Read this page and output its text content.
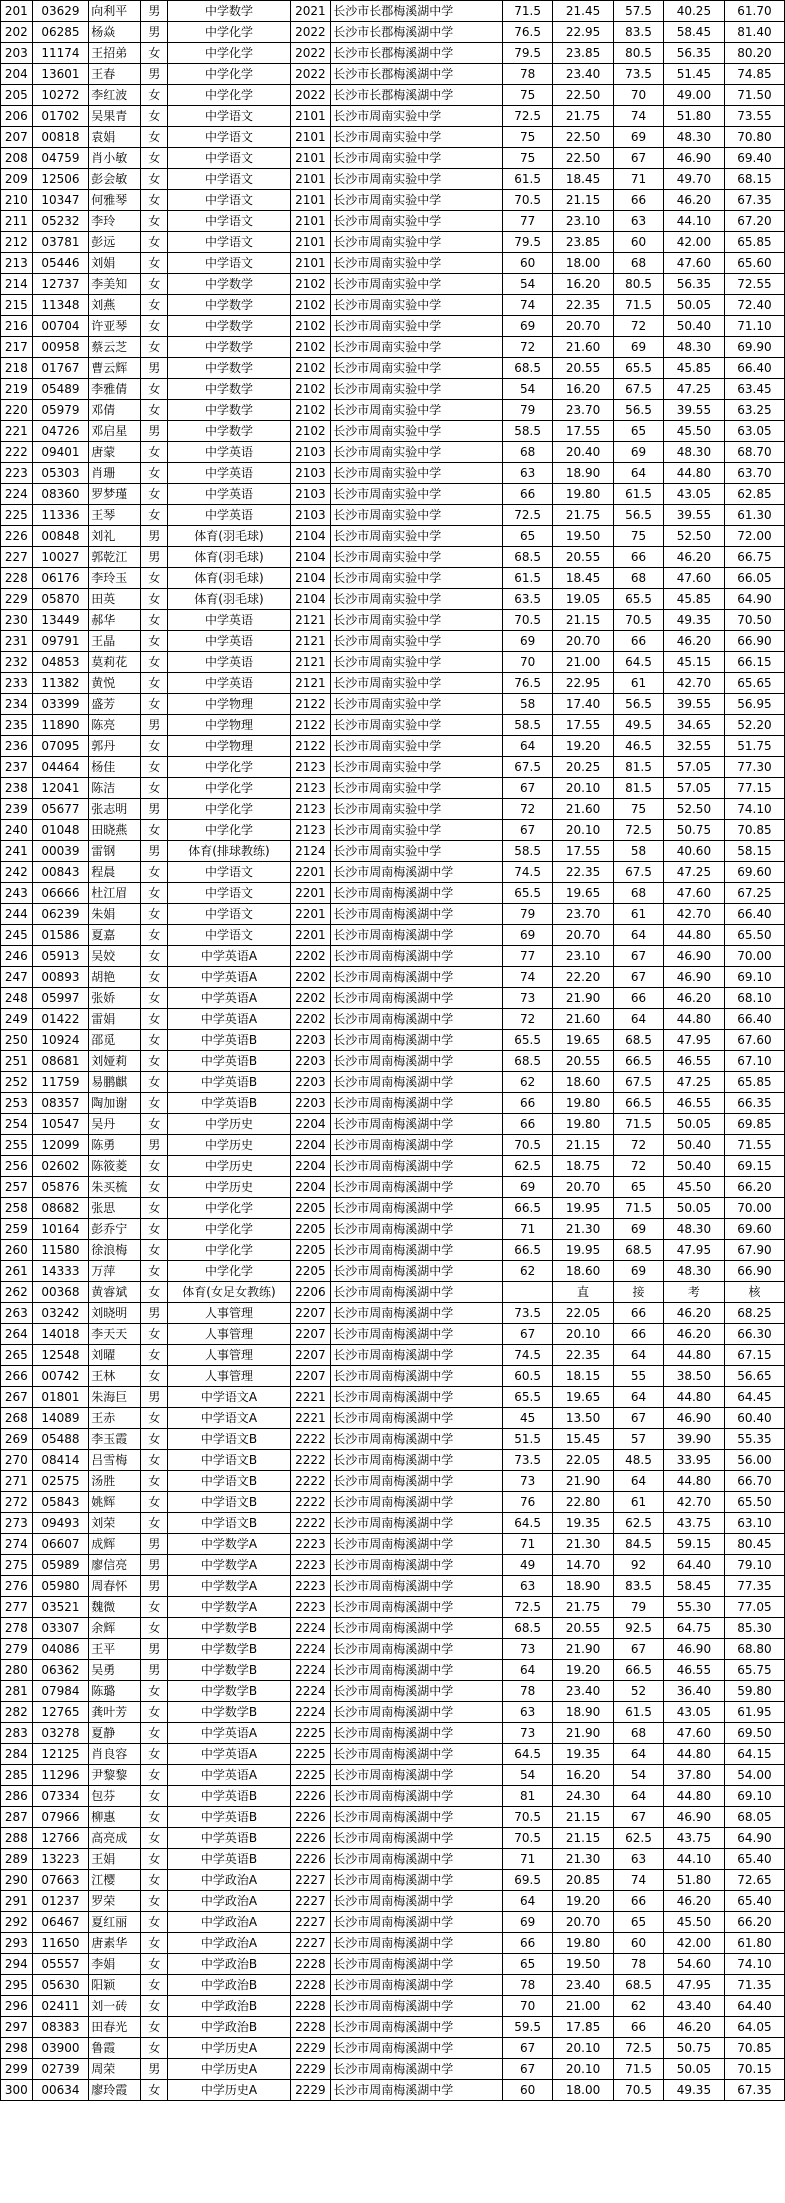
201	03629	向利平	男	中学数学	2021	长沙市长郡梅溪湖中学	71.5	21.45	57.5	40.25	61.70
202	06285	杨焱	男	中学化学	2022	长沙市长郡梅溪湖中学	76.5	22.95	83.5	58.45	81.40
203	11174	王招弟	女	中学化学	2022	长沙市长郡梅溪湖中学	79.5	23.85	80.5	56.35	80.20
204	13601	王春	男	中学化学	2022	长沙市长郡梅溪湖中学	78	23.40	73.5	51.45	74.85
205	10272	李红波	女	中学化学	2022	长沙市长郡梅溪湖中学	75	22.50	70	49.00	71.50
206	01702	吴果青	女	中学语文	2101	长沙市周南实验中学	72.5	21.75	74	51.80	73.55
207	00818	袁娟	女	中学语文	2101	长沙市周南实验中学	75	22.50	69	48.30	70.80
208	04759	肖小敏	女	中学语文	2101	长沙市周南实验中学	75	22.50	67	46.90	69.40
209	12506	彭会敏	女	中学语文	2101	长沙市周南实验中学	61.5	18.45	71	49.70	68.15
210	10347	何雅琴	女	中学语文	2101	长沙市周南实验中学	70.5	21.15	66	46.20	67.35
211	05232	李玲	女	中学语文	2101	长沙市周南实验中学	77	23.10	63	44.10	67.20
212	03781	彭远	女	中学语文	2101	长沙市周南实验中学	79.5	23.85	60	42.00	65.85
213	05446	刘娟	女	中学语文	2101	长沙市周南实验中学	60	18.00	68	47.60	65.60
214	12737	李美知	女	中学数学	2102	长沙市周南实验中学	54	16.20	80.5	56.35	72.55
215	11348	刘燕	女	中学数学	2102	长沙市周南实验中学	74	22.35	71.5	50.05	72.40
216	00704	许亚琴	女	中学数学	2102	长沙市周南实验中学	69	20.70	72	50.40	71.10
217	00958	蔡云芝	女	中学数学	2102	长沙市周南实验中学	72	21.60	69	48.30	69.90
218	01767	曹云辉	男	中学数学	2102	长沙市周南实验中学	68.5	20.55	65.5	45.85	66.40
219	05489	李雅倩	女	中学数学	2102	长沙市周南实验中学	54	16.20	67.5	47.25	63.45
220	05979	邓倩	女	中学数学	2102	长沙市周南实验中学	79	23.70	56.5	39.55	63.25
221	04726	邓启星	男	中学数学	2102	长沙市周南实验中学	58.5	17.55	65	45.50	63.05
222	09401	唐蒙	女	中学英语	2103	长沙市周南实验中学	68	20.40	69	48.30	68.70
223	05303	肖珊	女	中学英语	2103	长沙市周南实验中学	63	18.90	64	44.80	63.70
224	08360	罗梦瑾	女	中学英语	2103	长沙市周南实验中学	66	19.80	61.5	43.05	62.85
225	11336	王琴	女	中学英语	2103	长沙市周南实验中学	72.5	21.75	56.5	39.55	61.30
226	00848	刘礼	男	体育(羽毛球)	2104	长沙市周南实验中学	65	19.50	75	52.50	72.00
227	10027	郭乾江	男	体育(羽毛球)	2104	长沙市周南实验中学	68.5	20.55	66	46.20	66.75
228	06176	李玲玉	女	体育(羽毛球)	2104	长沙市周南实验中学	61.5	18.45	68	47.60	66.05
229	05870	田英	女	体育(羽毛球)	2104	长沙市周南实验中学	63.5	19.05	65.5	45.85	64.90
230	13449	郝华	女	中学英语	2121	长沙市周南实验中学	70.5	21.15	70.5	49.35	70.50
231	09791	王晶	女	中学英语	2121	长沙市周南实验中学	69	20.70	66	46.20	66.90
232	04853	莫莉花	女	中学英语	2121	长沙市周南实验中学	70	21.00	64.5	45.15	66.15
233	11382	黄悦	女	中学英语	2121	长沙市周南实验中学	76.5	22.95	61	42.70	65.65
234	03399	盛芳	女	中学物理	2122	长沙市周南实验中学	58	17.40	56.5	39.55	56.95
235	11890	陈亮	男	中学物理	2122	长沙市周南实验中学	58.5	17.55	49.5	34.65	52.20
236	07095	郭丹	女	中学物理	2122	长沙市周南实验中学	64	19.20	46.5	32.55	51.75
237	04464	杨佳	女	中学化学	2123	长沙市周南实验中学	67.5	20.25	81.5	57.05	77.30
238	12041	陈洁	女	中学化学	2123	长沙市周南实验中学	67	20.10	81.5	57.05	77.15
239	05677	张志明	男	中学化学	2123	长沙市周南实验中学	72	21.60	75	52.50	74.10
240	01048	田晓燕	女	中学化学	2123	长沙市周南实验中学	67	20.10	72.5	50.75	70.85
241	00039	雷钢	男	体育(排球教练)	2124	长沙市周南实验中学	58.5	17.55	58	40.60	58.15
242	00843	程晨	女	中学语文	2201	长沙市周南梅溪湖中学	74.5	22.35	67.5	47.25	69.60
243	06666	杜江眉	女	中学语文	2201	长沙市周南梅溪湖中学	65.5	19.65	68	47.60	67.25
244	06239	朱娟	女	中学语文	2201	长沙市周南梅溪湖中学	79	23.70	61	42.70	66.40
245	01586	夏嘉	女	中学语文	2201	长沙市周南梅溪湖中学	69	20.70	64	44.80	65.50
246	05913	吴姣	女	中学英语A	2202	长沙市周南梅溪湖中学	77	23.10	67	46.90	70.00
247	00893	胡艳	女	中学英语A	2202	长沙市周南梅溪湖中学	74	22.20	67	46.90	69.10
248	05997	张娇	女	中学英语A	2202	长沙市周南梅溪湖中学	73	21.90	66	46.20	68.10
249	01422	雷娟	女	中学英语A	2202	长沙市周南梅溪湖中学	72	21.60	64	44.80	66.40
250	10924	邵觅	女	中学英语B	2203	长沙市周南梅溪湖中学	65.5	19.65	68.5	47.95	67.60
251	08681	刘娅莉	女	中学英语B	2203	长沙市周南梅溪湖中学	68.5	20.55	66.5	46.55	67.10
252	11759	易鹏麒	女	中学英语B	2203	长沙市周南梅溪湖中学	62	18.60	67.5	47.25	65.85
253	08357	陶加谢	女	中学英语B	2203	长沙市周南梅溪湖中学	66	19.80	66.5	46.55	66.35
254	10547	吴丹	女	中学历史	2204	长沙市周南梅溪湖中学	66	19.80	71.5	50.05	69.85
255	12099	陈勇	男	中学历史	2204	长沙市周南梅溪湖中学	70.5	21.15	72	50.40	71.55
256	02602	陈筱菱	女	中学历史	2204	长沙市周南梅溪湖中学	62.5	18.75	72	50.40	69.15
257	05876	朱买梳	女	中学历史	2204	长沙市周南梅溪湖中学	69	20.70	65	45.50	66.20
258	08682	张思	女	中学化学	2205	长沙市周南梅溪湖中学	66.5	19.95	71.5	50.05	70.00
259	10164	彭乔宁	女	中学化学	2205	长沙市周南梅溪湖中学	71	21.30	69	48.30	69.60
260	11580	徐浪梅	女	中学化学	2205	长沙市周南梅溪湖中学	66.5	19.95	68.5	47.95	67.90
261	14333	万萍	女	中学化学	2205	长沙市周南梅溪湖中学	62	18.60	69	48.30	66.90
262	00368	黄睿斌	女	体育(女足女教练)	2206	长沙市周南梅溪湖中学		直	接	考	核
263	03242	刘晓明	男	人事管理	2207	长沙市周南梅溪湖中学	73.5	22.05	66	46.20	68.25
264	14018	李天天	女	人事管理	2207	长沙市周南梅溪湖中学	67	20.10	66	46.20	66.30
265	12548	刘曜	女	人事管理	2207	长沙市周南梅溪湖中学	74.5	22.35	64	44.80	67.15
266	00742	王林	女	人事管理	2207	长沙市周南梅溪湖中学	60.5	18.15	55	38.50	56.65
267	01801	朱海巨	男	中学语文A	2221	长沙市周南梅溪湖中学	65.5	19.65	64	44.80	64.45
268	14089	王赤	女	中学语文A	2221	长沙市周南梅溪湖中学	45	13.50	67	46.90	60.40
269	05488	李玉霞	女	中学语文B	2222	长沙市周南梅溪湖中学	51.5	15.45	57	39.90	55.35
270	08414	吕雪梅	女	中学语文B	2222	长沙市周南梅溪湖中学	73.5	22.05	48.5	33.95	56.00
271	02575	汤胜	女	中学语文B	2222	长沙市周南梅溪湖中学	73	21.90	64	44.80	66.70
272	05843	姚辉	女	中学语文B	2222	长沙市周南梅溪湖中学	76	22.80	61	42.70	65.50
273	09493	刘荣	女	中学语文B	2222	长沙市周南梅溪湖中学	64.5	19.35	62.5	43.75	63.10
274	06607	成辉	男	中学数学A	2223	长沙市周南梅溪湖中学	71	21.30	84.5	59.15	80.45
275	05989	廖信亮	男	中学数学A	2223	长沙市周南梅溪湖中学	49	14.70	92	64.40	79.10
276	05980	周春怀	男	中学数学A	2223	长沙市周南梅溪湖中学	63	18.90	83.5	58.45	77.35
277	03521	魏微	女	中学数学A	2223	长沙市周南梅溪湖中学	72.5	21.75	79	55.30	77.05
278	03307	余辉	女	中学数学B	2224	长沙市周南梅溪湖中学	68.5	20.55	92.5	64.75	85.30
279	04086	王平	男	中学数学B	2224	长沙市周南梅溪湖中学	73	21.90	67	46.90	68.80
280	06362	吴勇	男	中学数学B	2224	长沙市周南梅溪湖中学	64	19.20	66.5	46.55	65.75
281	07984	陈璐	女	中学数学B	2224	长沙市周南梅溪湖中学	78	23.40	52	36.40	59.80
282	12765	龚叶芳	女	中学数学B	2224	长沙市周南梅溪湖中学	63	18.90	61.5	43.05	61.95
283	03278	夏静	女	中学英语A	2225	长沙市周南梅溪湖中学	73	21.90	68	47.60	69.50
284	12125	肖良容	女	中学英语A	2225	长沙市周南梅溪湖中学	64.5	19.35	64	44.80	64.15
285	11296	尹黎黎	女	中学英语A	2225	长沙市周南梅溪湖中学	54	16.20	54	37.80	54.00
286	07334	包芬	女	中学英语B	2226	长沙市周南梅溪湖中学	81	24.30	64	44.80	69.10
287	07966	柳惠	女	中学英语B	2226	长沙市周南梅溪湖中学	70.5	21.15	67	46.90	68.05
288	12766	高亮成	女	中学英语B	2226	长沙市周南梅溪湖中学	70.5	21.15	62.5	43.75	64.90
289	13223	王娟	女	中学英语B	2226	长沙市周南梅溪湖中学	71	21.30	63	44.10	65.40
290	07663	江樱	女	中学政治A	2227	长沙市周南梅溪湖中学	69.5	20.85	74	51.80	72.65
291	01237	罗荣	女	中学政治A	2227	长沙市周南梅溪湖中学	64	19.20	66	46.20	65.40
292	06467	夏红丽	女	中学政治A	2227	长沙市周南梅溪湖中学	69	20.70	65	45.50	66.20
293	11650	唐素华	女	中学政治A	2227	长沙市周南梅溪湖中学	66	19.80	60	42.00	61.80
294	05557	李娟	女	中学政治B	2228	长沙市周南梅溪湖中学	65	19.50	78	54.60	74.10
295	05630	阳颖	女	中学政治B	2228	长沙市周南梅溪湖中学	78	23.40	68.5	47.95	71.35
296	02411	刘一砖	女	中学政治B	2228	长沙市周南梅溪湖中学	70	21.00	62	43.40	64.40
297	08383	田春光	女	中学政治B	2228	长沙市周南梅溪湖中学	59.5	17.85	66	46.20	64.05
298	03900	鲁霞	女	中学历史A	2229	长沙市周南梅溪湖中学	67	20.10	72.5	50.75	70.85
299	02739	周荣	男	中学历史A	2229	长沙市周南梅溪湖中学	67	20.10	71.5	50.05	70.15
300	00634	廖玲霞	女	中学历史A	2229	长沙市周南梅溪湖中学	60	18.00	70.5	49.35	67.35
